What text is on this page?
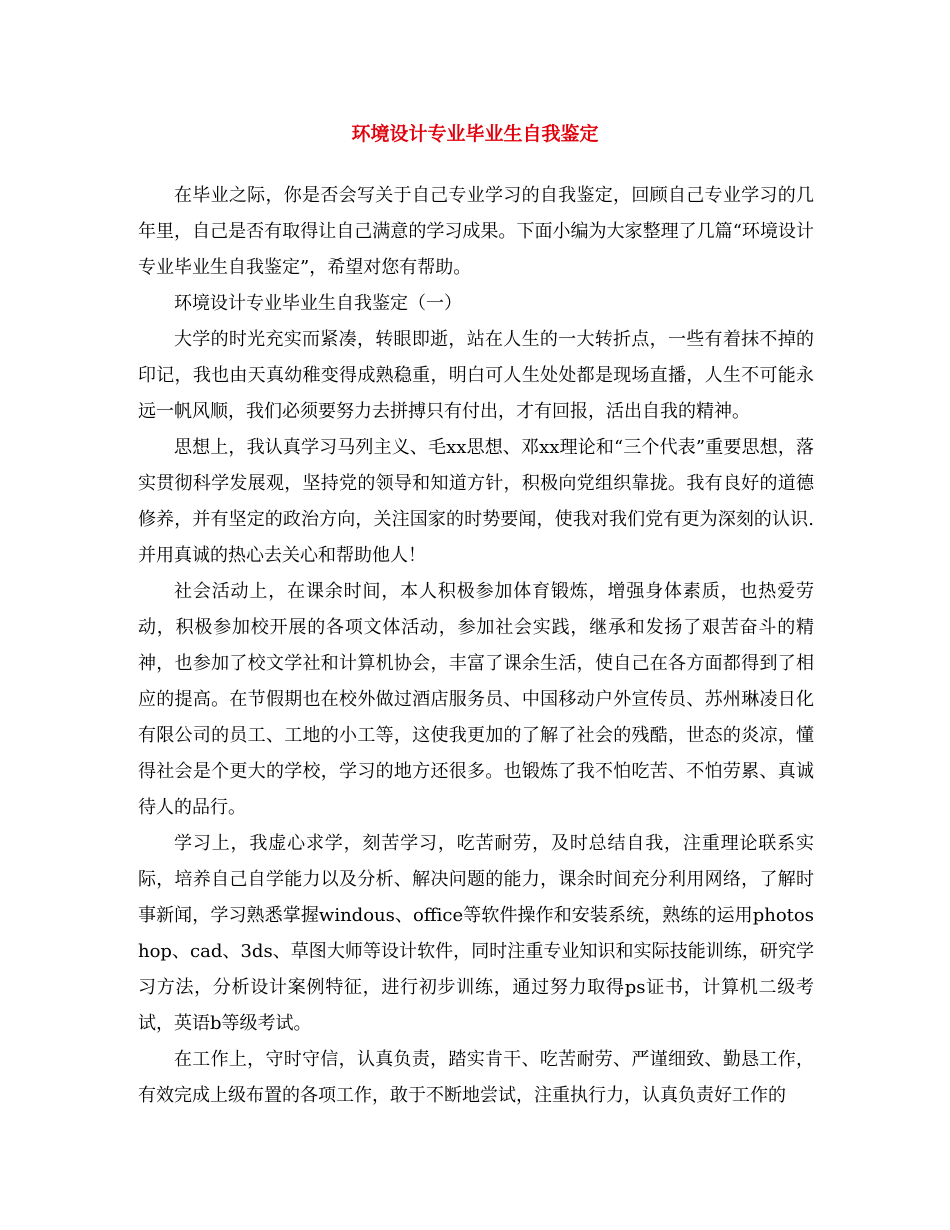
环境设计专业毕业生自我鉴定

在毕业之际，你是否会写关于自己专业学习的自我鉴定，回顾自己专业学习的几年里，自己是否有取得让自己满意的学习成果。下面小编为大家整理了几篇“环境设计专业毕业生自我鉴定”，希望对您有帮助。

环境设计专业毕业生自我鉴定（一）

大学的时光充实而紧凑，转眼即逝，站在人生的一大转折点，一些有着抹不掉的印记，我也由天真幼稚变得成熟稳重，明白可人生处处都是现场直播，人生不可能永远一帆风顺，我们必须要努力去拼搏只有付出，才有回报，活出自我的精神。

思想上，我认真学习马列主义、毛xx思想、邓xx理论和“三个代表”重要思想，落实贯彻科学发展观，坚持党的领导和知道方针，积极向党组织靠拢。我有良好的道德修养，并有坚定的政治方向，关注国家的时势要闻，使我对我们党有更为深刻的认识.并用真诚的热心去关心和帮助他人！

社会活动上，在课余时间，本人积极参加体育锻炼，增强身体素质，也热爱劳动，积极参加校开展的各项文体活动，参加社会实践，继承和发扬了艰苦奋斗的精神，也参加了校文学社和计算机协会，丰富了课余生活，使自己在各方面都得到了相应的提高。在节假期也在校外做过酒店服务员、中国移动户外宣传员、苏州琳凌日化有限公司的员工、工地的小工等，这使我更加的了解了社会的残酷，世态的炎凉，懂得社会是个更大的学校，学习的地方还很多。也锻炼了我不怕吃苦、不怕劳累、真诚待人的品行。

学习上，我虚心求学，刻苦学习，吃苦耐劳，及时总结自我，注重理论联系实际，培养自己自学能力以及分析、解决问题的能力，课余时间充分利用网络，了解时事新闻，学习熟悉掌握windous、office等软件操作和安装系统，熟练的运用photoshop、cad、3ds、草图大师等设计软件，同时注重专业知识和实际技能训练，研究学习方法，分析设计案例特征，进行初步训练，通过努力取得ps证书，计算机二级考试，英语b等级考试。

在工作上，守时守信，认真负责，踏实肯干、吃苦耐劳、严谨细致、勤恳工作，有效完成上级布置的各项工作，敢于不断地尝试，注重执行力，认真负责好工作的
